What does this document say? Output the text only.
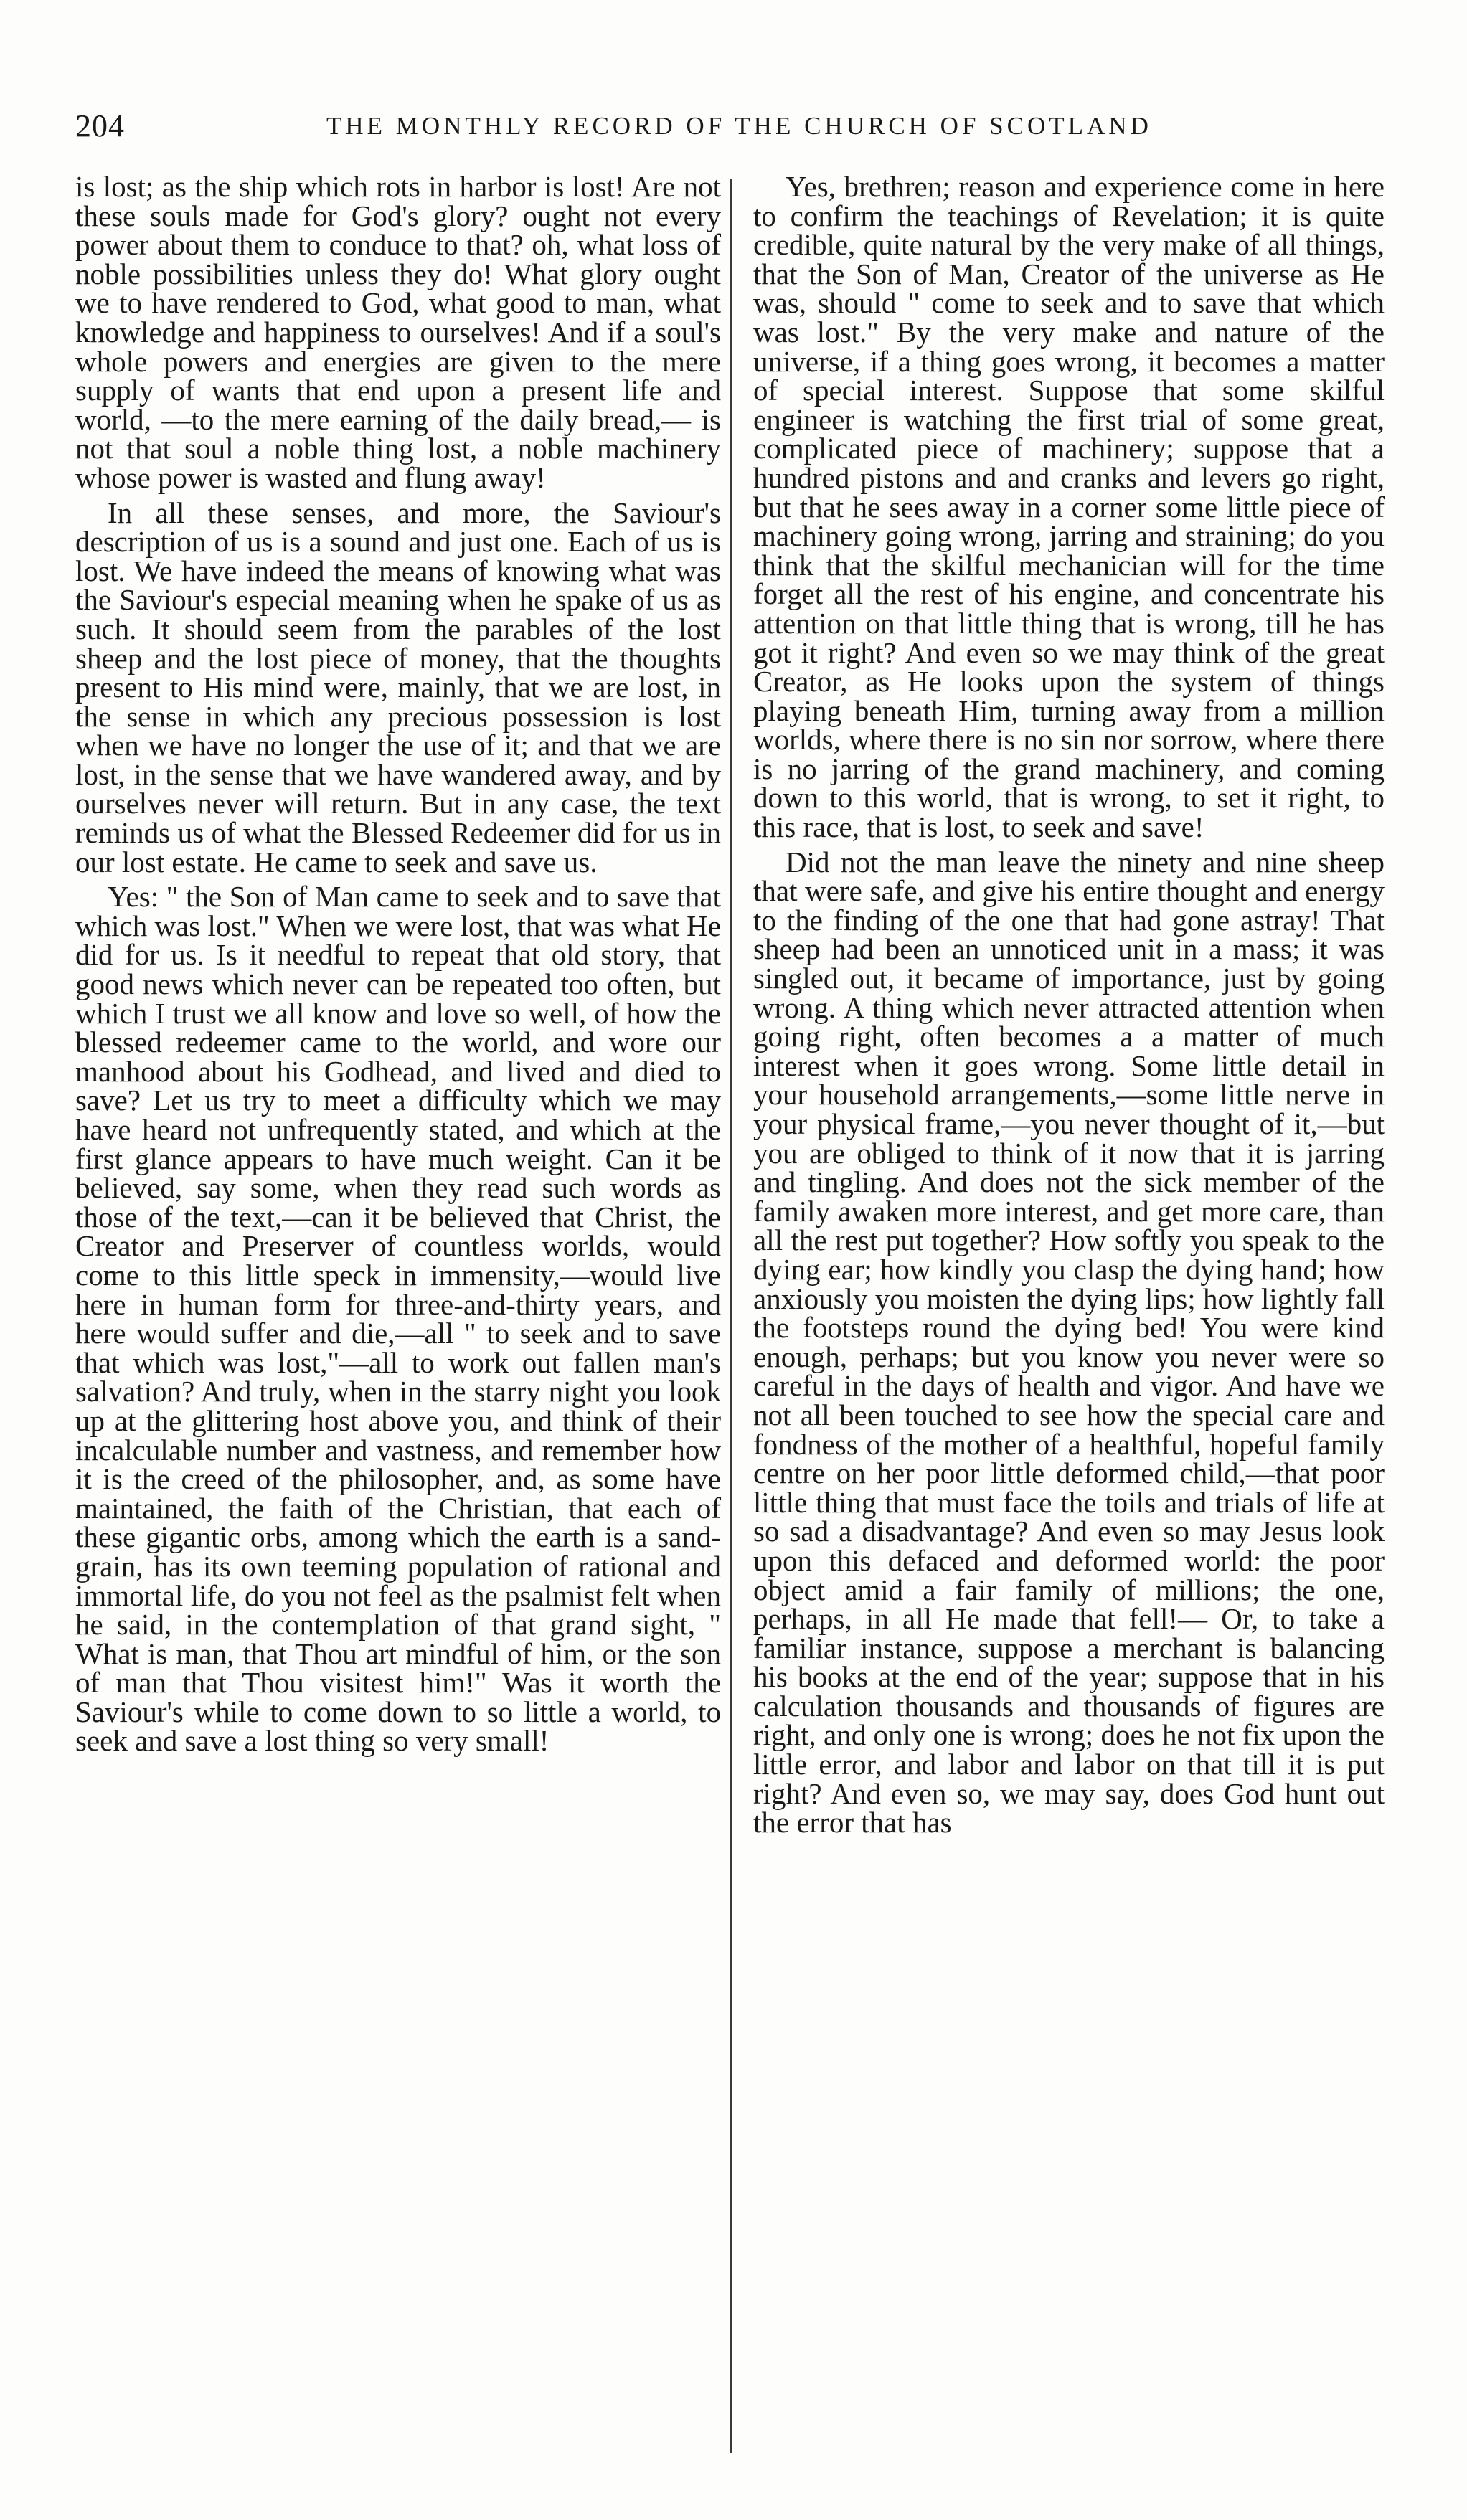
204	THE MONTHLY RECORD OF THE CHURCH OF SCOTLAND

is lost; as the ship which rots in harbor is lost! Are not these souls made for God's glory? ought not every power about them to conduce to that? oh, what loss of noble possibilities unless they do! What glory ought we to have rendered to God, what good to man, what knowledge and happiness to ourselves! And if a soul's whole powers and energies are given to the mere supply of wants that end upon a present life and world, —to the mere earning of the daily bread,— is not that soul a noble thing lost, a noble machinery whose power is wasted and flung away!

In all these senses, and more, the Saviour's description of us is a sound and just one. Each of us is lost. We have indeed the means of knowing what was the Saviour's especial meaning when he spake of us as such. It should seem from the parables of the lost sheep and the lost piece of money, that the thoughts present to His mind were, mainly, that we are lost, in the sense in which any precious possession is lost when we have no longer the use of it; and that we are lost, in the sense that we have wandered away, and by ourselves never will return. But in any case, the text reminds us of what the Blessed Redeemer did for us in our lost estate. He came to seek and save us.

Yes: " the Son of Man came to seek and to save that which was lost." When we were lost, that was what He did for us. Is it needful to repeat that old story, that good news which never can be repeated too often, but which I trust we all know and love so well, of how the blessed redeemer came to the world, and wore our manhood about his Godhead, and lived and died to save? Let us try to meet a difficulty which we may have heard not unfrequently stated, and which at the first glance appears to have much weight. Can it be believed, say some, when they read such words as those of the text,—can it be believed that Christ, the Creator and Preserver of countless worlds, would come to this little speck in immensity,—would live here in human form for three-and-thirty years, and here would suffer and die,—all " to seek and to save that which was lost,"—all to work out fallen man's salvation? And truly, when in the starry night you look up at the glittering host above you, and think of their incalculable number and vastness, and remember how it is the creed of the philosopher, and, as some have maintained, the faith of the Christian, that each of these gigantic orbs, among which the earth is a sand-grain, has its own teeming population of rational and immortal life, do you not feel as the psalmist felt when he said, in the contemplation of that grand sight, " What is man, that Thou art mindful of him, or the son of man that Thou visitest him!" Was it worth the Saviour's while to come down to so little a world, to seek and save a lost thing so very small!

Yes, brethren; reason and experience come in here to confirm the teachings of Revelation; it is quite credible, quite natural by the very make of all things, that the Son of Man, Creator of the universe as He was, should " come to seek and to save that which was lost." By the very make and nature of the universe, if a thing goes wrong, it becomes a matter of special interest. Suppose that some skilful engineer is watching the first trial of some great, complicated piece of machinery; suppose that a hundred pistons and and cranks and levers go right, but that he sees away in a corner some little piece of machinery going wrong, jarring and straining; do you think that the skilful mechanician will for the time forget all the rest of his engine, and concentrate his attention on that little thing that is wrong, till he has got it right? And even so we may think of the great Creator, as He looks upon the system of things playing beneath Him, turning away from a million worlds, where there is no sin nor sorrow, where there is no jarring of the grand machinery, and coming down to this world, that is wrong, to set it right, to this race, that is lost, to seek and save!

Did not the man leave the ninety and nine sheep that were safe, and give his entire thought and energy to the finding of the one that had gone astray! That sheep had been an unnoticed unit in a mass; it was singled out, it became of importance, just by going wrong. A thing which never attracted attention when going right, often becomes a a matter of much interest when it goes wrong. Some little detail in your household arrangements,—some little nerve in your physical frame,—you never thought of it,—but you are obliged to think of it now that it is jarring and tingling. And does not the sick member of the family awaken more interest, and get more care, than all the rest put together? How softly you speak to the dying ear; how kindly you clasp the dying hand; how anxiously you moisten the dying lips; how lightly fall the footsteps round the dying bed! You were kind enough, perhaps; but you know you never were so careful in the days of health and vigor. And have we not all been touched to see how the special care and fondness of the mother of a healthful, hopeful family centre on her poor little deformed child,—that poor little thing that must face the toils and trials of life at so sad a disadvantage? And even so may Jesus look upon this defaced and deformed world: the poor object amid a fair family of millions; the one, perhaps, in all He made that fell!— Or, to take a familiar instance, suppose a merchant is balancing his books at the end of the year; suppose that in his calculation thousands and thousands of figures are right, and only one is wrong; does he not fix upon the little error, and labor and labor on that till it is put right? And even so, we may say, does God hunt out the error that has
